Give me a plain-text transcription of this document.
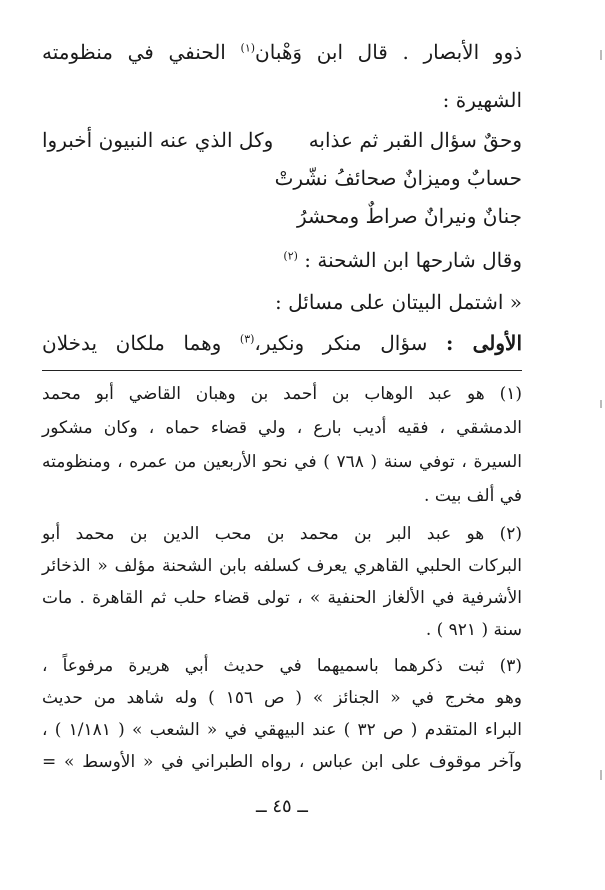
ذوو الأبصار . قال ابن وَهْبان$^{(١)}$ الحنفي في منظومته
الشهيرة :
وحقٌ سؤال القبر ثم عذابه
وكل الذي عنه النبيون أخبروا
حسابٌ وميزانٌ صحائفُ نشّرتْ
جنانٌ ونيرانٌ صراطٌ ومحشرُ
وقال شارحها ابن الشحنة : $^{(٢)}$
« اشتمل البيتان على مسائل :
الأولى : سؤال منكر ونكير،$^{(٣)}$ وهما ملكان يدخلان
(١) هو عبد الوهاب بن أحمد بن وهبان القاضي أبو محمد
الدمشقي ، فقيه أديب بارع ، ولي قضاء حماه ، وكان مشكور
السيرة ، توفي سنة ( ٧٦٨ ) في نحو الأربعين من عمره ، ومنظومته
في ألف بيت .
(٢) هو عبد البر بن محمد بن محب الدين بن محمد أبو
البركات الحلبي القاهري يعرف كسلفه بابن الشحنة مؤلف « الذخائر
الأشرفية في الألغاز الحنفية » ، تولى قضاء حلب ثم القاهرة . مات
سنة ( ٩٢١ ) .
(٣) ثبت ذكرهما باسميهما في حديث أبي هريرة مرفوعاً ،
وهو مخرج في « الجنائز » ( ص ١٥٦ ) وله شاهد من حديث
البراء المتقدم ( ص ٣٢ ) عند البيهقي في « الشعب » ( ١/١٨١ ) ،
وآخر موقوف على ابن عباس ، رواه الطبراني في « الأوسط » =
ــ ٤٥ ــ
